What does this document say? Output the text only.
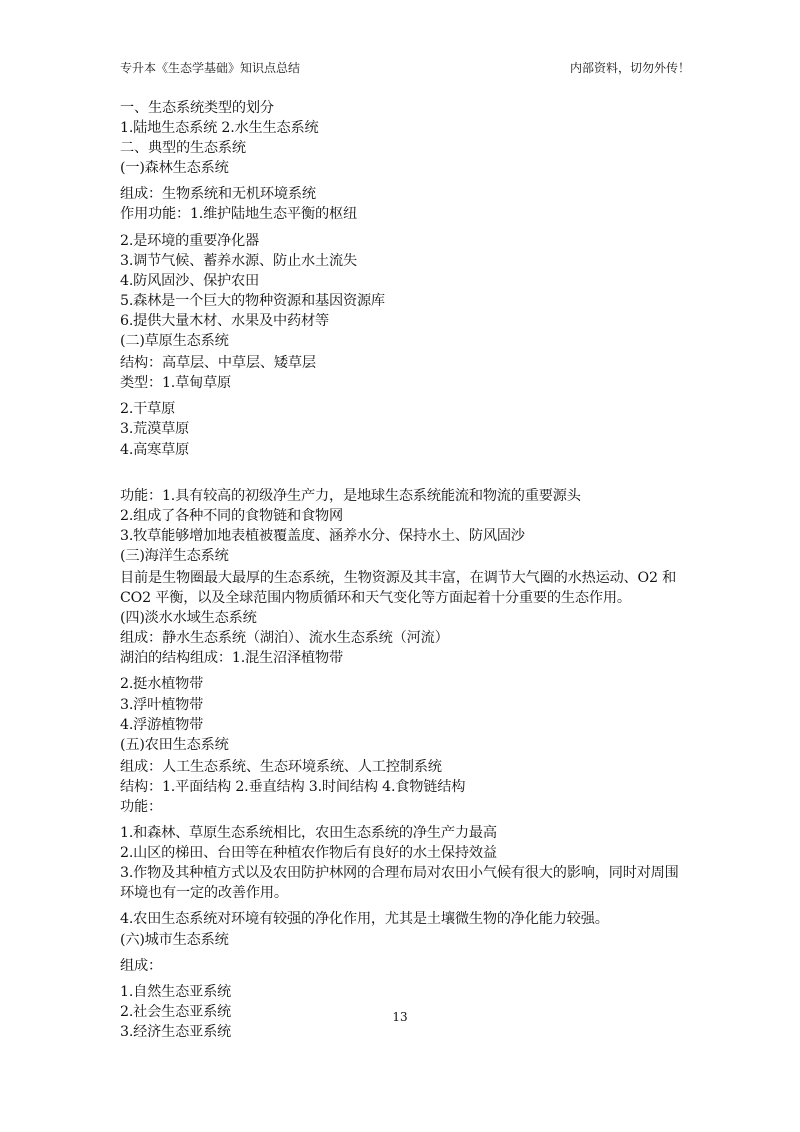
专升本《生态学基础》知识点总结	内部资料，切勿外传！
一、生态系统类型的划分
1.陆地生态系统 2.水生生态系统
二、典型的生态系统
(一)森林生态系统
组成：生物系统和无机环境系统
作用功能：1.维护陆地生态平衡的枢纽
2.是环境的重要净化器
3.调节气候、蓄养水源、防止水土流失
4.防风固沙、保护农田
5.森林是一个巨大的物种资源和基因资源库
6.提供大量木材、水果及中药材等
(二)草原生态系统
结构：高草层、中草层、矮草层
类型：1.草甸草原
2.干草原
3.荒漠草原
4.高寒草原
功能：1.具有较高的初级净生产力，是地球生态系统能流和物流的重要源头
2.组成了各种不同的食物链和食物网
3.牧草能够增加地表植被覆盖度、涵养水分、保持水土、防风固沙
(三)海洋生态系统
目前是生物圈最大最厚的生态系统，生物资源及其丰富，在调节大气圈的水热运动、O2 和 CO2 平衡，以及全球范围内物质循环和天气变化等方面起着十分重要的生态作用。
(四)淡水水域生态系统
组成：静水生态系统（湖泊）、流水生态系统（河流）
湖泊的结构组成：1.混生沼泽植物带
2.挺水植物带
3.浮叶植物带
4.浮游植物带
(五)农田生态系统
组成：人工生态系统、生态环境系统、人工控制系统
结构：1.平面结构 2.垂直结构 3.时间结构 4.食物链结构
功能：
1.和森林、草原生态系统相比，农田生态系统的净生产力最高
2.山区的梯田、台田等在种植农作物后有良好的水土保持效益
3.作物及其种植方式以及农田防护林网的合理布局对农田小气候有很大的影响，同时对周围环境也有一定的改善作用。
4.农田生态系统对环境有较强的净化作用，尤其是土壤微生物的净化能力较强。
(六)城市生态系统
组成：
1.自然生态亚系统
2.社会生态亚系统
3.经济生态亚系统
13
